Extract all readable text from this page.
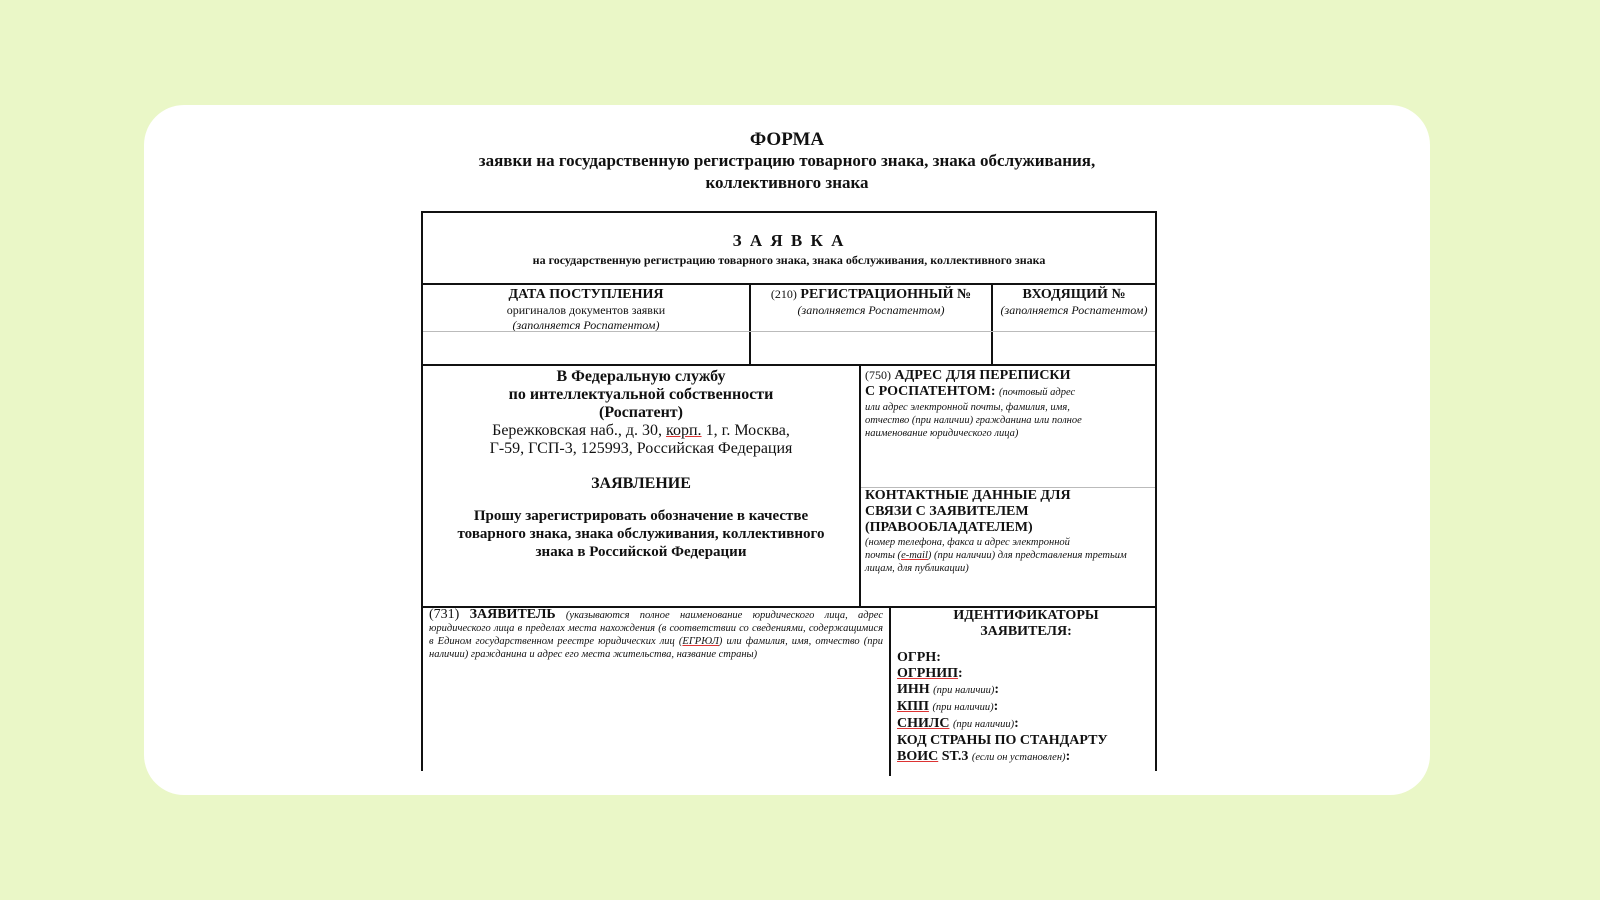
ФОРМА
заявки на государственную регистрацию товарного знака, знака обслуживания,
коллективного знака
З А Я В К А
на государственную регистрацию товарного знака, знака обслуживания, коллективного знака
ДАТА ПОСТУПЛЕНИЯ
оригиналов документов заявки
(заполняется Роспатентом)
(210) РЕГИСТРАЦИОННЫЙ №
(заполняется Роспатентом)
ВХОДЯЩИЙ №
(заполняется Роспатентом)
В Федеральную службу
по интеллектуальной собственности
(Роспатент)
Бережковская наб., д. 30, корп. 1, г. Москва,
Г-59, ГСП-3, 125993, Российская Федерация
ЗАЯВЛЕНИЕ
Прошу зарегистрировать обозначение в качестве
товарного знака, знака обслуживания, коллективного
знака в Российской Федерации
(750) АДРЕС ДЛЯ ПЕРЕПИСКИ
С РОСПАТЕНТОМ: (почтовый адрес
или адрес электронной почты, фамилия, имя,
отчество (при наличии) гражданина или полное
наименование юридического лица)
КОНТАКТНЫЕ ДАННЫЕ ДЛЯ
СВЯЗИ С ЗАЯВИТЕЛЕМ
(ПРАВООБЛАДАТЕЛЕМ)
(номер телефона, факса и адрес электронной
почты (e-mail) (при наличии) для представления третьим
лицам, для публикации)
(731) ЗАЯВИТЕЛЬ (указываются полное наименование юридического лица, адрес юридического лица в пределах места нахождения (в соответствии со сведениями, содержащимися в Едином государственном реестре юридических лиц (ЕГРЮЛ) или фамилия, имя, отчество (при наличии) гражданина и адрес его места жительства, название страны)
ИДЕНТИФИКАТОРЫ
ЗАЯВИТЕЛЯ:
ОГРН:
ОГРНИП:
ИНН (при наличии):
КПП (при наличии):
СНИЛС (при наличии):
КОД СТРАНЫ ПО СТАНДАРТУ
ВОИС ST.3 (если он установлен):
